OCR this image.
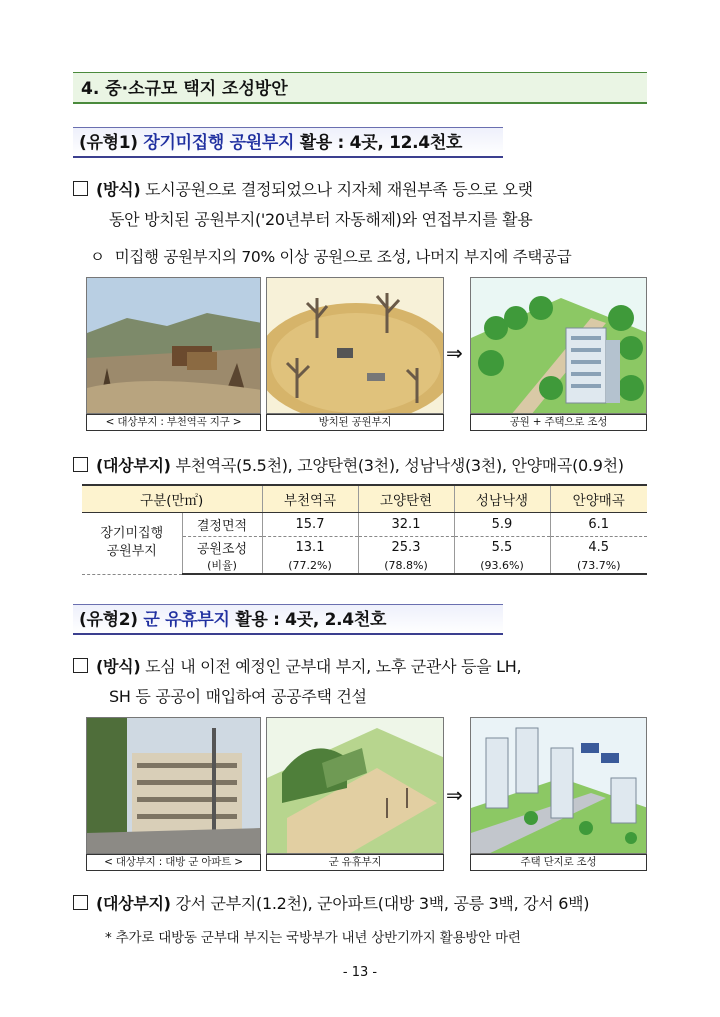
4. 중·소규모 택지 조성방안
(유형1) 장기미집행 공원부지 활용 : 4곳, 12.4천호
(방식) 도시공원으로 결정되었으나 지자체 재원부족 등으로 오랫
동안 방치된 공원부지('20년부터 자동해제)와 연접부지를 활용
ㅇ 미집행 공원부지의 70% 이상 공원으로 조성, 나머지 부지에 주택공급
< 대상부지 : 부천역곡 지구 >	방치된 공원부지
⇒
공원 + 주택으로 조성
(대상부지) 부천역곡(5.5천), 고양탄현(3천), 성남낙생(3천), 안양매곡(0.9천)
구분(만㎡)		부천역곡	고양탄현	성남낙생	안양매곡

장기미집행
공원부지	결정면적	15.7	32.1	5.9	6.1
	공원조성	13.1	25.3	5.5	4.5
	(비율)	(77.2%)	(78.8%)	(93.6%)	(73.7%)
(유형2) 군 유휴부지 활용 : 4곳, 2.4천호
(방식) 도심 내 이전 예정인 군부대 부지, 노후 군관사 등을 LH,
SH 등 공공이 매입하여 공공주택 건설
< 대상부지 : 대방 군 아파트 >	군 유휴부지
⇒
주택 단지로 조성
(대상부지) 강서 군부지(1.2천), 군아파트(대방 3백, 공릉 3백, 강서 6백)
* 추가로 대방동 군부대 부지는 국방부가 내년 상반기까지 활용방안 마련
- 13 -
